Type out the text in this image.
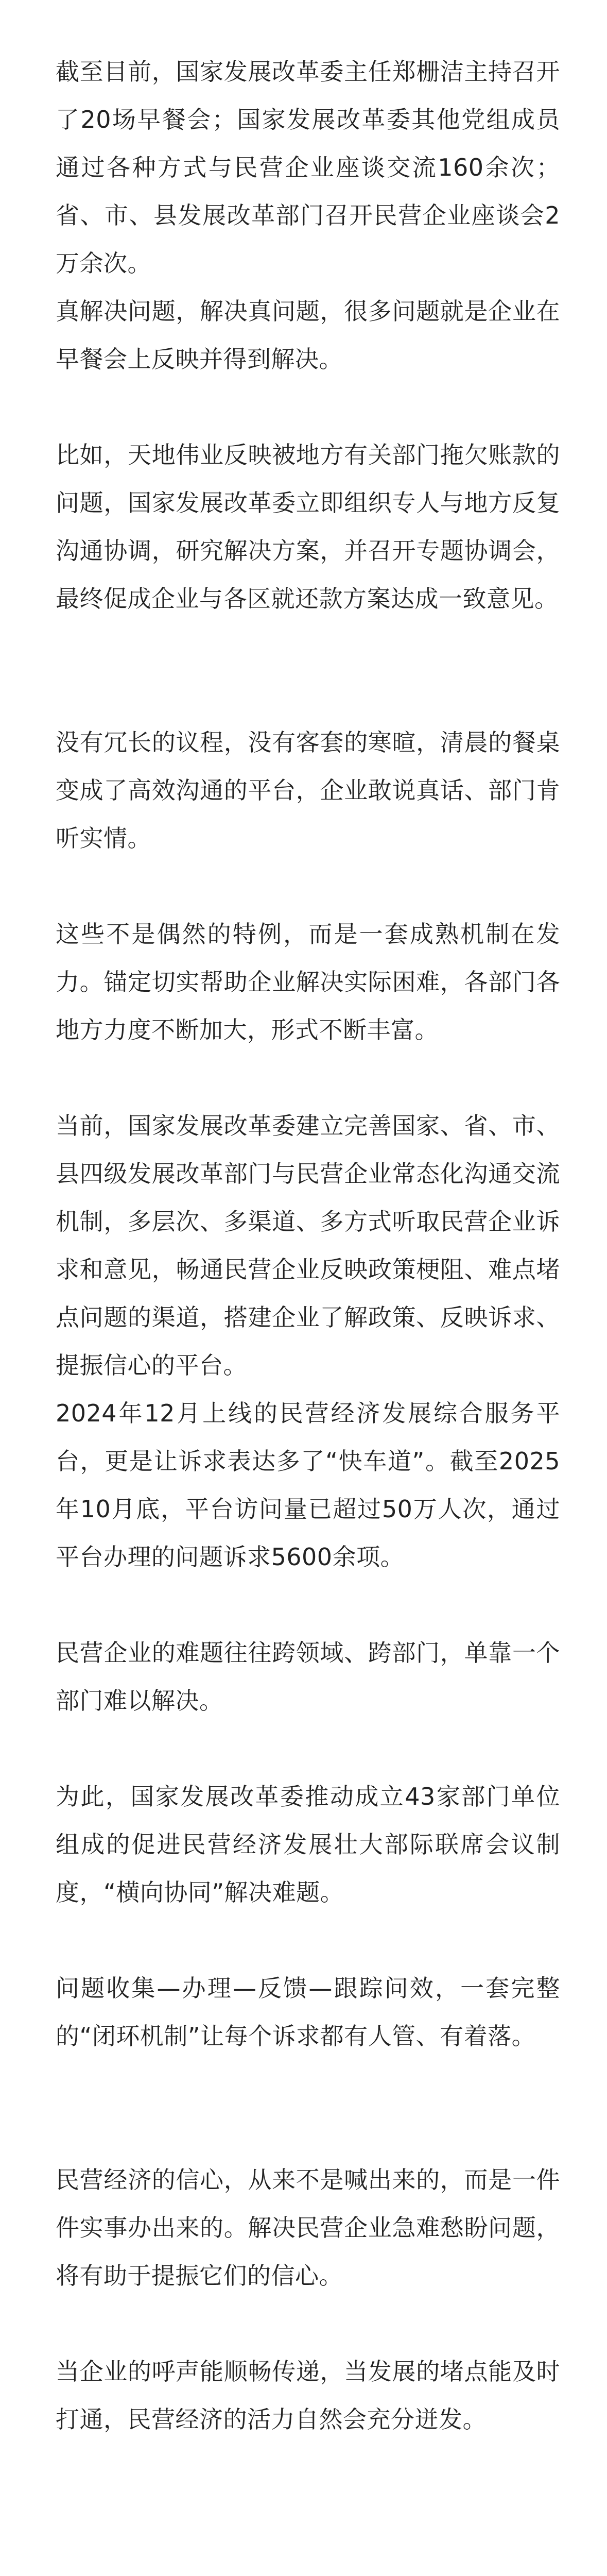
截至目前，国家发展改革委主任郑栅洁主持召开了20场早餐会；国家发展改革委其他党组成员通过各种方式与民营企业座谈交流160余次；省、市、县发展改革部门召开民营企业座谈会2万余次。

真解决问题，解决真问题，很多问题就是企业在早餐会上反映并得到解决。

比如，天地伟业反映被地方有关部门拖欠账款的问题，国家发展改革委立即组织专人与地方反复沟通协调，研究解决方案，并召开专题协调会，最终促成企业与各区就还款方案达成一致意见。

没有冗长的议程，没有客套的寒暄，清晨的餐桌变成了高效沟通的平台，企业敢说真话、部门肯听实情。

这些不是偶然的特例，而是一套成熟机制在发力。锚定切实帮助企业解决实际困难，各部门各地方力度不断加大，形式不断丰富。

当前，国家发展改革委建立完善国家、省、市、县四级发展改革部门与民营企业常态化沟通交流机制，多层次、多渠道、多方式听取民营企业诉求和意见，畅通民营企业反映政策梗阻、难点堵点问题的渠道，搭建企业了解政策、反映诉求、提振信心的平台。

2024年12月上线的民营经济发展综合服务平台，更是让诉求表达多了“快车道”。截至2025年10月底，平台访问量已超过50万人次，通过平台办理的问题诉求5600余项。

民营企业的难题往往跨领域、跨部门，单靠一个部门难以解决。

为此，国家发展改革委推动成立43家部门单位组成的促进民营经济发展壮大部际联席会议制度，“横向协同”解决难题。

问题收集—办理—反馈—跟踪问效，一套完整的“闭环机制”让每个诉求都有人管、有着落。

民营经济的信心，从来不是喊出来的，而是一件件实事办出来的。解决民营企业急难愁盼问题，将有助于提振它们的信心。

当企业的呼声能顺畅传递，当发展的堵点能及时打通，民营经济的活力自然会充分迸发。
